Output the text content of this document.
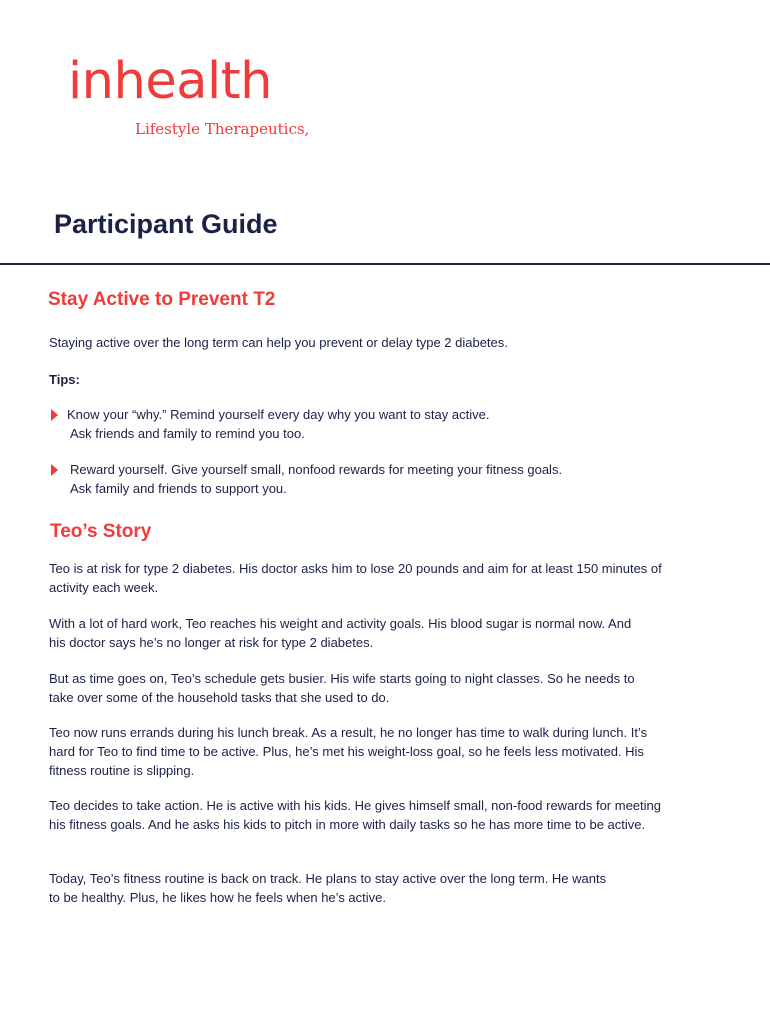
inhealth
Lifestyle Therapeutics,
Participant Guide
Stay Active to Prevent T2

Staying active over the long term can help you prevent or delay type 2 diabetes.

Tips:

Know your “why.” Remind yourself every day why you want to stay active.
Ask friends and family to remind you too.
Reward yourself. Give yourself small, nonfood rewards for meeting your fitness goals.
Ask family and friends to support you.
Teo’s Story

Teo is at risk for type 2 diabetes. His doctor asks him to lose 20 pounds and aim for at least 150 minutes of activity each week.

With a lot of hard work, Teo reaches his weight and activity goals. His blood sugar is normal now. And his doctor says he’s no longer at risk for type 2 diabetes.

But as time goes on, Teo’s schedule gets busier. His wife starts going to night classes. So he needs to take over some of the household tasks that she used to do.

Teo now runs errands during his lunch break. As a result, he no longer has time to walk during lunch. It’s hard for Teo to find time to be active. Plus, he’s met his weight-loss goal, so he feels less motivated. His fitness routine is slipping.

Teo decides to take action. He is active with his kids. He gives himself small, non-food rewards for meeting his fitness goals. And he asks his kids to pitch in more with daily tasks so he has more time to be active.

Today, Teo’s fitness routine is back on track. He plans to stay active over the long term. He wants to be healthy. Plus, he likes how he feels when he’s active.
